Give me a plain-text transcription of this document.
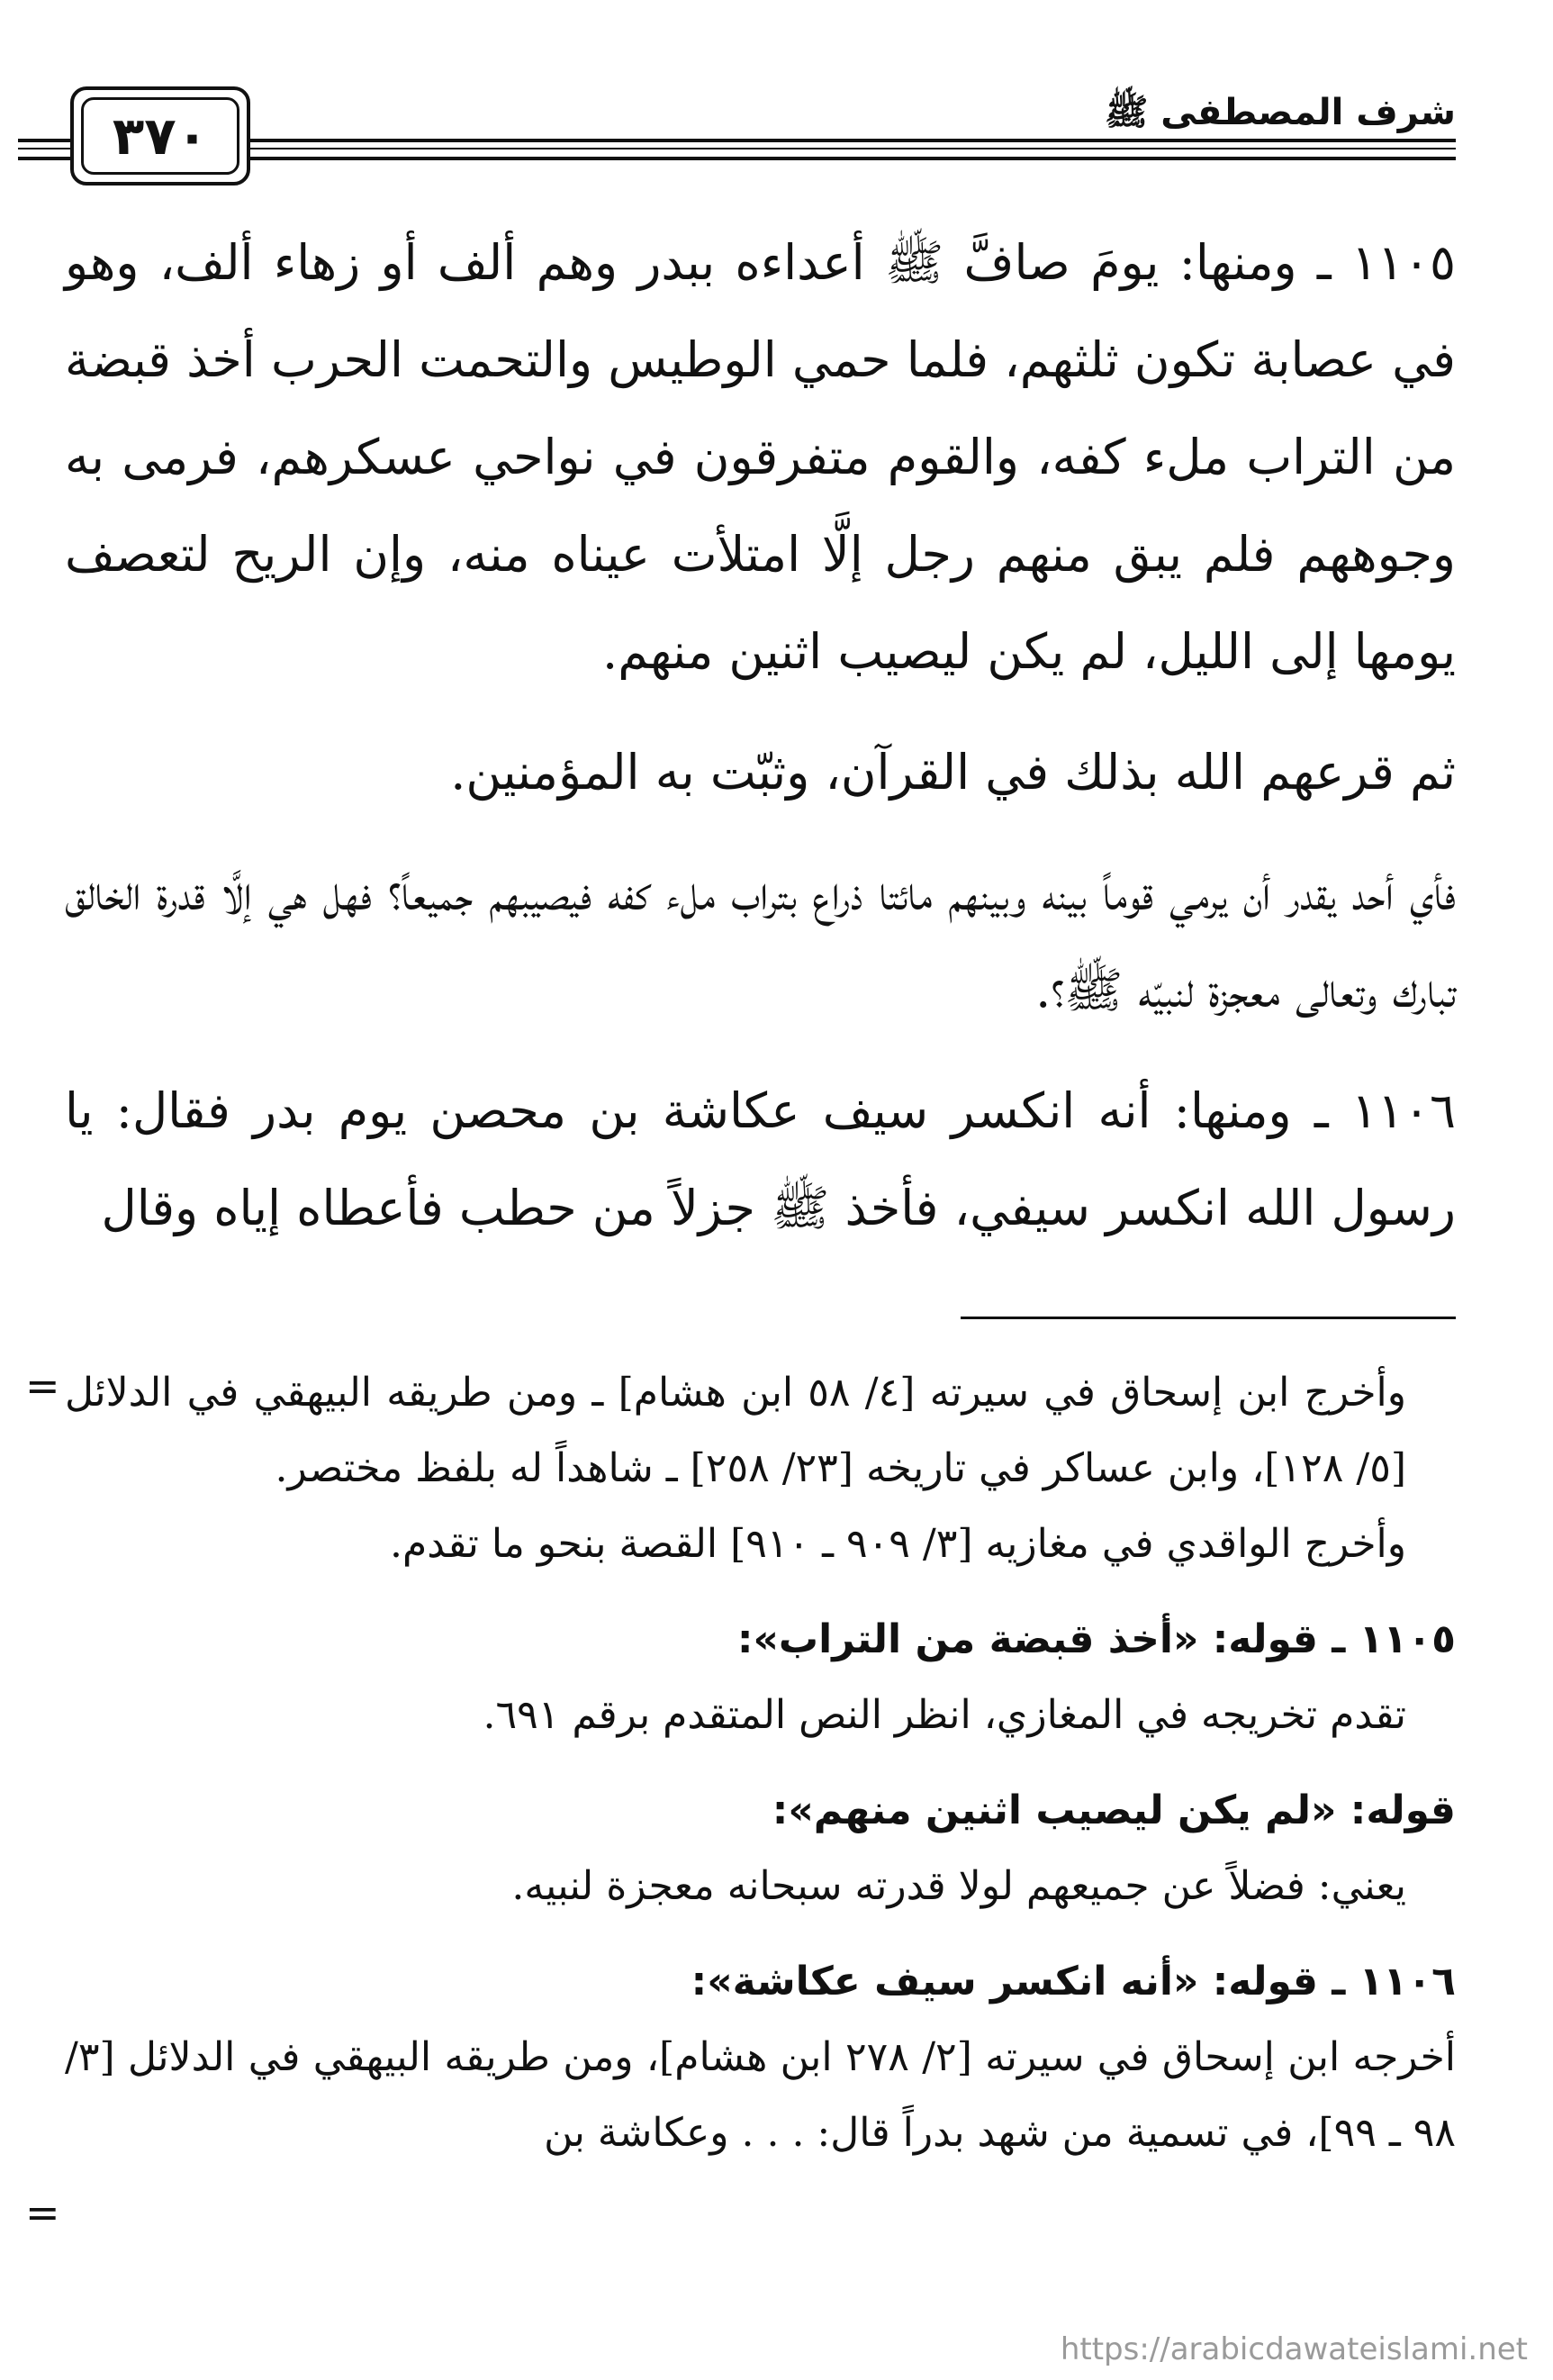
شرف المصطفى ﷺ
٣٧٠

١١٠٥ ـ ومنها: يومَ صافَّ ﷺ أعداءه ببدر وهم ألف أو زهاء ألف، وهو في عصابة تكون ثلثهم، فلما حمي الوطيس والتحمت الحرب أخذ قبضة من التراب ملء كفه، والقوم متفرقون في نواحي عسكرهم، فرمى به وجوههم فلم يبق منهم رجل إلَّا امتلأت عيناه منه، وإن الريح لتعصف يومها إلى الليل، لم يكن ليصيب اثنين منهم.

ثم قرعهم الله بذلك في القرآن، وثبّت به المؤمنين.

فأي أحد يقدر أن يرمي قوماً بينه وبينهم مائتا ذراع بتراب ملء كفه فيصيبهم جميعاً؟ فهل هي إلَّا قدرة الخالق تبارك وتعالى معجزة لنبيّه ﷺ؟.

١١٠٦ ـ ومنها: أنه انكسر سيف عكاشة بن محصن يوم بدر فقال: يا رسول الله انكسر سيفي، فأخذ ﷺ جزلاً من حطب فأعطاه إياه وقال

= وأخرج ابن إسحاق في سيرته [٤/ ٥٨ ابن هشام] ـ ومن طريقه البيهقي في الدلائل [٥/ ١٢٨]، وابن عساكر في تاريخه [٢٣/ ٢٥٨] ـ شاهداً له بلفظ مختصر.

وأخرج الواقدي في مغازيه [٣/ ٩٠٩ ـ ٩١٠] القصة بنحو ما تقدم.

١١٠٥ ـ قوله: «أخذ قبضة من التراب»:

تقدم تخريجه في المغازي، انظر النص المتقدم برقم ٦٩١.

قوله: «لم يكن ليصيب اثنين منهم»:

يعني: فضلاً عن جميعهم لولا قدرته سبحانه معجزة لنبيه.

١١٠٦ ـ قوله: «أنه انكسر سيف عكاشة»:

أخرجه ابن إسحاق في سيرته [٢/ ٢٧٨ ابن هشام]، ومن طريقه البيهقي في الدلائل [٣/ ٩٨ ـ ٩٩]، في تسمية من شهد بدراً قال: . . . وعكاشة بن

=
https://arabicdawateislami.net
